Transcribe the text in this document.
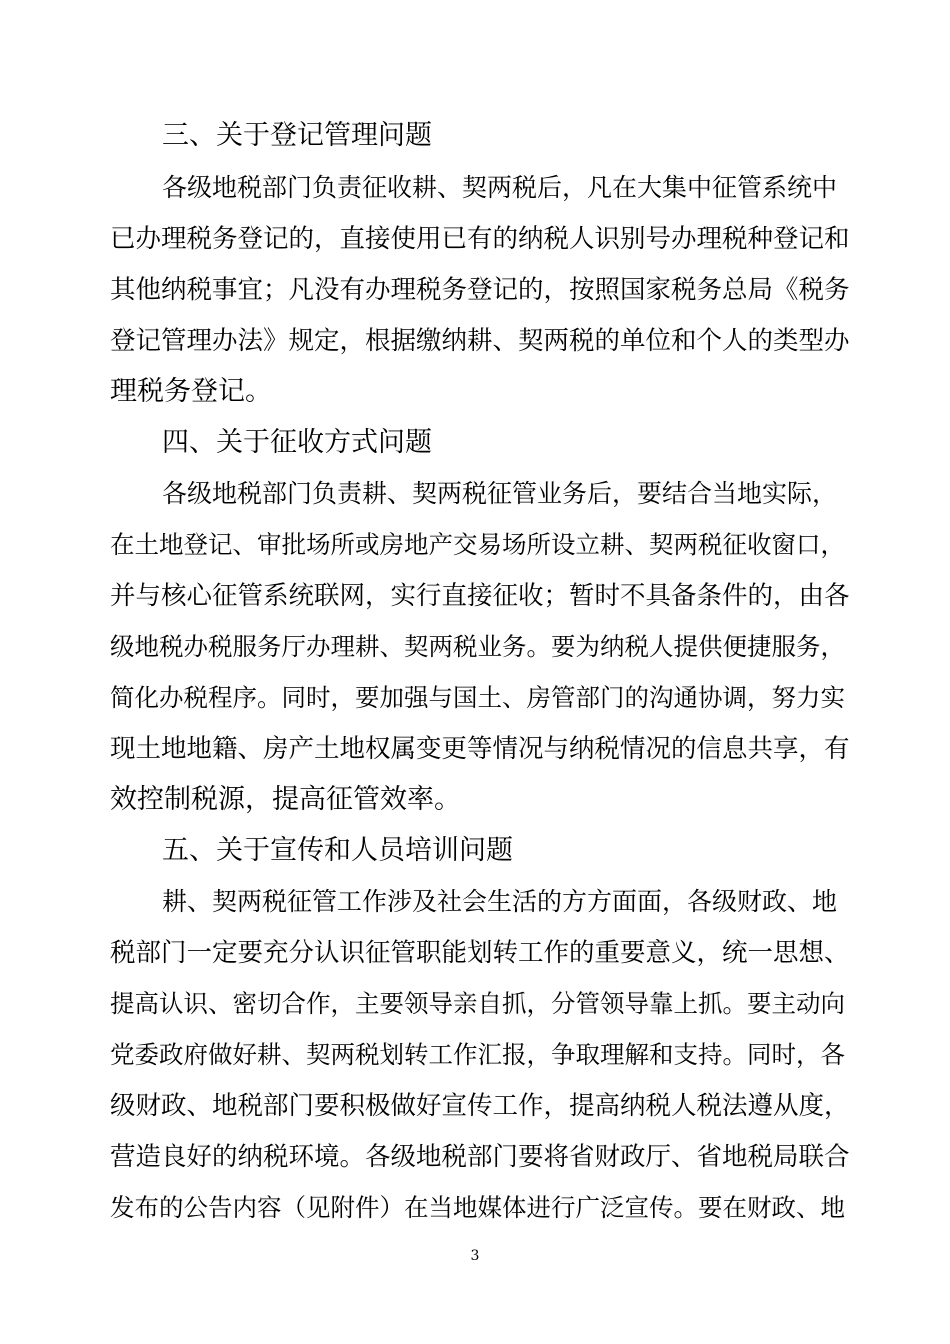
三、关于登记管理问题
各级地税部门负责征收耕、契两税后，凡在大集中征管系统中
已办理税务登记的，直接使用已有的纳税人识别号办理税种登记和
其他纳税事宜；凡没有办理税务登记的，按照国家税务总局《税务
登记管理办法》规定，根据缴纳耕、契两税的单位和个人的类型办
理税务登记。
四、关于征收方式问题
各级地税部门负责耕、契两税征管业务后，要结合当地实际，
在土地登记、审批场所或房地产交易场所设立耕、契两税征收窗口，
并与核心征管系统联网，实行直接征收；暂时不具备条件的，由各
级地税办税服务厅办理耕、契两税业务。要为纳税人提供便捷服务，
简化办税程序。同时，要加强与国土、房管部门的沟通协调，努力实
现土地地籍、房产土地权属变更等情况与纳税情况的信息共享，有
效控制税源，提高征管效率。
五、关于宣传和人员培训问题
耕、契两税征管工作涉及社会生活的方方面面，各级财政、地
税部门一定要充分认识征管职能划转工作的重要意义，统一思想、
提高认识、密切合作，主要领导亲自抓，分管领导靠上抓。要主动向
党委政府做好耕、契两税划转工作汇报，争取理解和支持。同时，各
级财政、地税部门要积极做好宣传工作，提高纳税人税法遵从度，
营造良好的纳税环境。各级地税部门要将省财政厅、省地税局联合
发布的公告内容（见附件）在当地媒体进行广泛宣传。要在财政、地
3
